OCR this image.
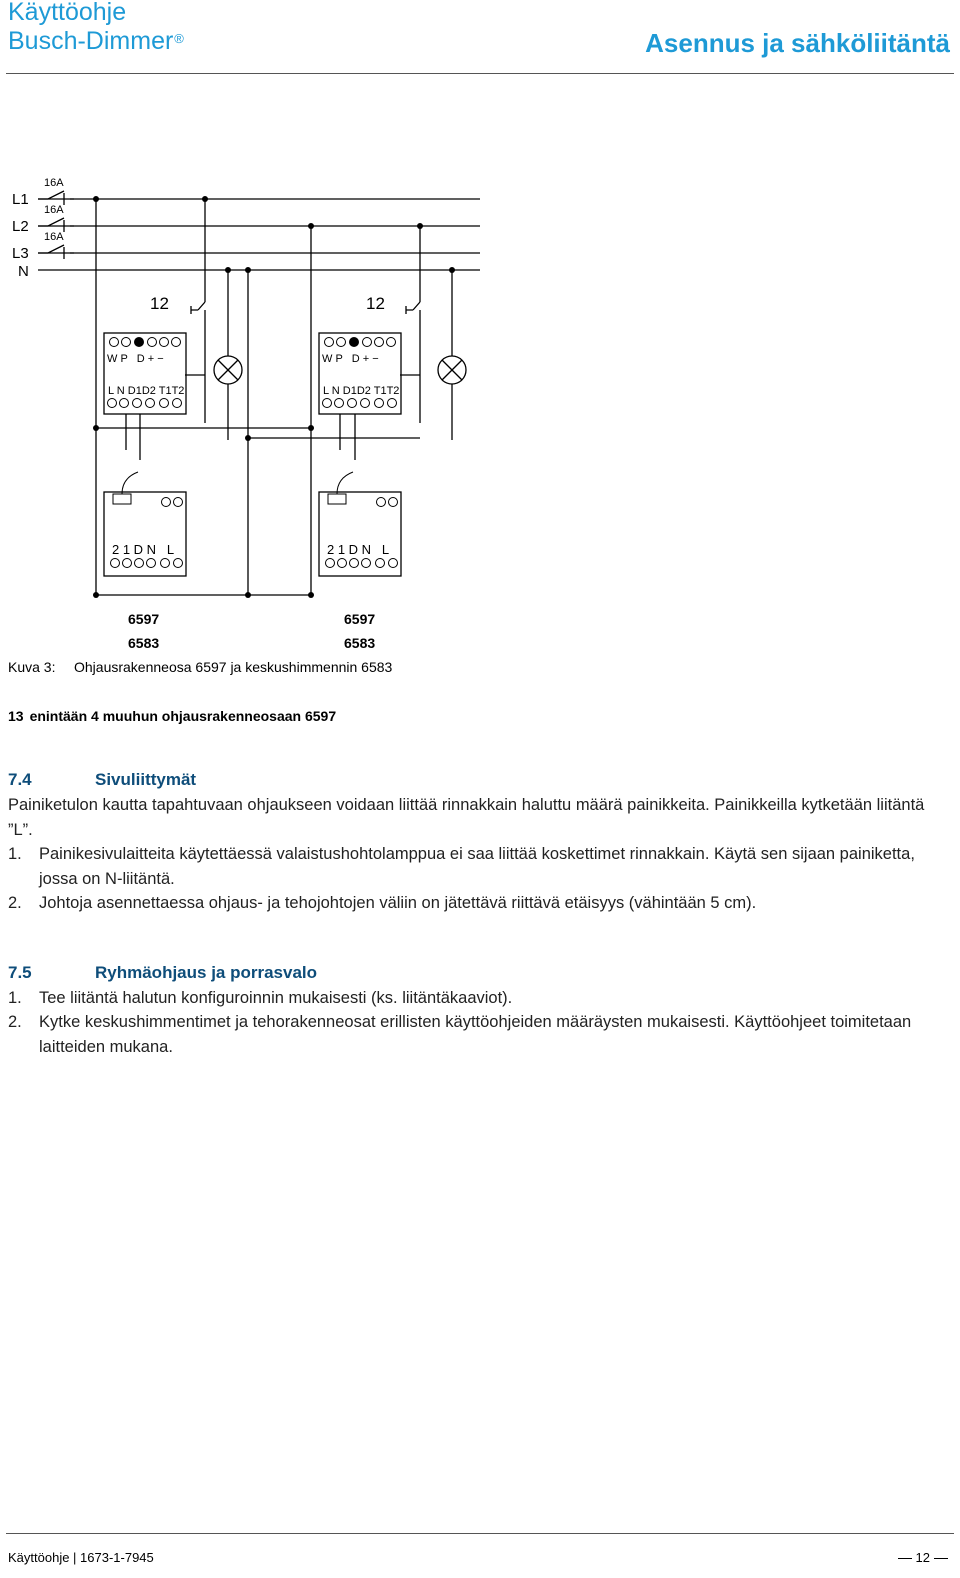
Käyttöohje
Busch-Dimmer®	Asennus ja sähköliitäntä
L1
L2
L3
N
16A
16A
16A
12	12
W P   D + −	W P   D + −
L N D1D2 T1T2	L N D1D2 T1T2
2 1 D N   L	2 1 D N   L
6597
6583
6597
6583
Kuva 3: Ohjausrakenneosa 6597 ja keskushimmennin 6583
13 enintään 4 muuhun ohjausrakenneosaan 6597
7.4	Sivuliittymät
Painiketulon kautta tapahtuvaan ohjaukseen voidaan liittää rinnakkain haluttu määrä painikkeita. Painikkeilla kytketään liitäntä ”L”.
1. Painikesivulaitteita käytettäessä valaistushohtolamppua ei saa liittää koskettimet rinnakkain. Käytä sen sijaan painiketta, jossa on N-liitäntä.
2. Johtoja asennettaessa ohjaus- ja tehojohtojen väliin on jätettävä riittävä etäisyys (vähintään 5 cm).
7.5	Ryhmäohjaus ja porrasvalo
1. Tee liitäntä halutun konfiguroinnin mukaisesti (ks. liitäntäkaaviot).
2. Kytke keskushimmentimet ja tehorakenneosat erillisten käyttöohjeiden määräysten mukaisesti. Käyttöohjeet toimitetaan laitteiden mukana.
Käyttöohje | 1673-1-7945	12
